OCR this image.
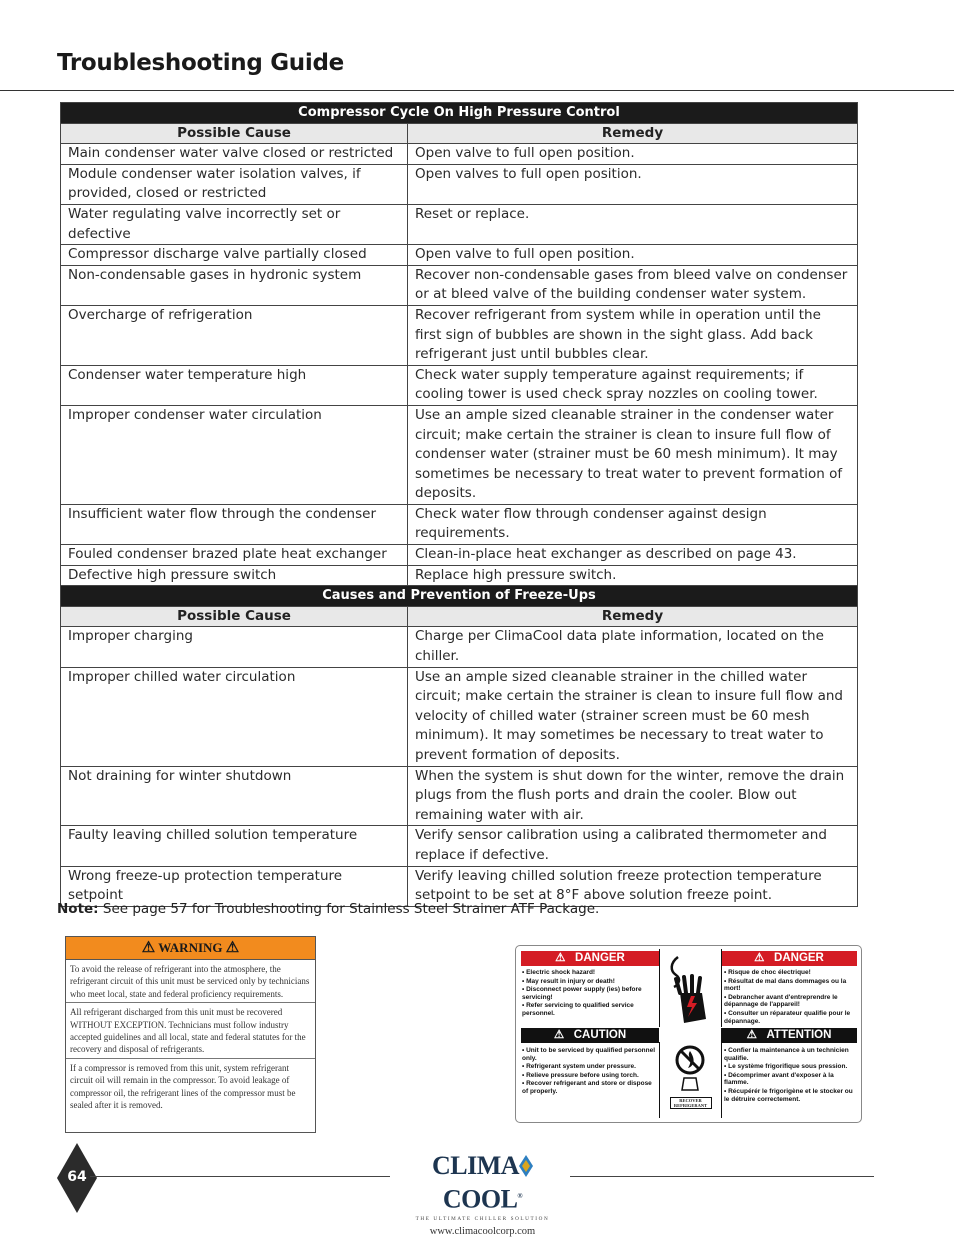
Troubleshooting Guide
Compressor Cycle On High Pressure Control	
Possible Cause	Remedy
Main condenser water valve closed or restricted	Open valve to full open position.
Module condenser water isolation valves, if provided, closed or restricted	Open valves to full open position.
Water regulating valve incorrectly set or defective	Reset or replace.
Compressor discharge valve partially closed	Open valve to full open position.
Non-condensable gases in hydronic system	Recover non-condensable gases from bleed valve on condenser or at bleed valve of the building condenser water system.
Overcharge of refrigeration	Recover refrigerant from system while in operation until the first sign of bubbles are shown in the sight glass. Add back refrigerant just until bubbles clear.
Condenser water temperature high	Check water supply temperature against requirements; if cooling tower is used check spray nozzles on cooling tower.
Improper condenser water circulation	Use an ample sized cleanable strainer in the condenser water circuit; make certain the strainer is clean to insure full flow of condenser water (strainer must be 60 mesh minimum). It may sometimes be necessary to treat water to prevent formation of deposits.
Insufficient water flow through the condenser	Check water flow through condenser against design requirements.
Fouled condenser brazed plate heat exchanger	Clean-in-place heat exchanger as described on page 43.
Defective high pressure switch	Replace high pressure switch.
Causes and Prevention of Freeze-Ups	
Possible Cause	Remedy
Improper charging	Charge per ClimaCool data plate information, located on the chiller.
Improper chilled water circulation	Use an ample sized cleanable strainer in the chilled water circuit; make certain the strainer is clean to insure full flow and velocity of chilled water (strainer screen must be 60 mesh minimum). It may sometimes be necessary to treat water to prevent formation of deposits.
Not draining for winter shutdown	When the system is shut down for the winter, remove the drain plugs from the flush ports and drain the cooler. Blow out remaining water with air.
Faulty leaving chilled solution temperature	Verify sensor calibration using a calibrated thermometer and replace if defective.
Wrong freeze-up protection temperature setpoint	Verify leaving chilled solution freeze protection temperature setpoint to be set at 8°F above solution freeze point.
Note: See page 57 for Troubleshooting for Stainless Steel Strainer ATF Package.
⚠ WARNING ⚠
To avoid the release of refrigerant into the atmosphere, the refrigerant circuit of this unit must be serviced only by technicians who meet local, state and federal proficiency requirements.
All refrigerant discharged from this unit must be recovered WITHOUT EXCEPTION. Technicians must follow industry accepted guidelines and all local, state and federal statutes for the recovery and disposal of refrigerants.
If a compressor is removed from this unit, system refrigerant circuit oil will remain in the compressor. To avoid leakage of compressor oil, the refrigerant lines of the compressor must be sealed after it is removed.
⚠   DANGER	⚠   DANGER
• Electric shock hazard!
• May result in injury or death!
• Disconnect power supply (ies) before servicing!
• Refer servicing to qualified service personnel.
• Risque de choc électrique!
• Résultat de mal dans dommages ou la mort!
• Debrancher avant d'entreprendre le dépannage de l'appareil!
• Consulter un réparateur qualifie pour le dépannage.
⚠   CAUTION	⚠   ATTENTION
• Unit to be serviced by qualified personnel only.
• Refrigerant system under pressure.
• Relieve pressure before using torch.
• Recover refrigerant and store or dispose of properly.
• Confier la maintenance à un technicien qualifie.
• Le système frigorifique sous pression.
• Décomprimer avant d'exposer à la flamme.
• Récupérér le frigorigène et le stocker ou le détruire correctement.
RECOVER REFRIGERANT
64	CLIMACOOL®
THE ULTIMATE CHILLER SOLUTION
www.climacoolcorp.com
